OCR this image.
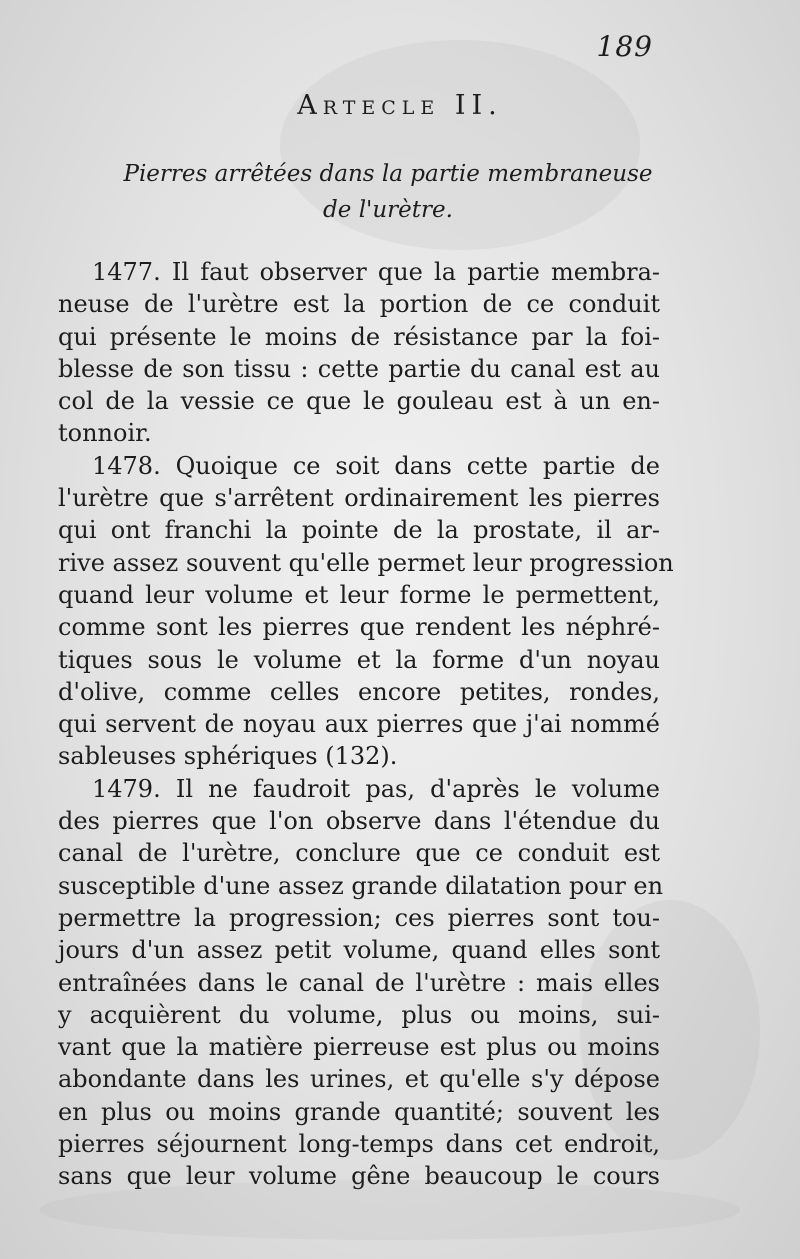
189
Artecle II.
Pierres arrêtées dans la partie membraneuse
de l'urètre.

1477. Il faut observer que la partie membra-
neuse de l'urètre est la portion de ce conduit
qui présente le moins de résistance par la foi-
blesse de son tissu : cette partie du canal est au
col de la vessie ce que le gouleau est à un en-
tonnoir.

1478. Quoique ce soit dans cette partie de
l'urètre que s'arrêtent ordinairement les pierres
qui ont franchi la pointe de la prostate, il ar-
rive assez souvent qu'elle permet leur progression
quand leur volume et leur forme le permettent,
comme sont les pierres que rendent les néphré-
tiques sous le volume et la forme d'un noyau
d'olive, comme celles encore petites, rondes,
qui servent de noyau aux pierres que j'ai nommé
sableuses sphériques (132).

1479. Il ne faudroit pas, d'après le volume
des pierres que l'on observe dans l'étendue du
canal de l'urètre, conclure que ce conduit est
susceptible d'une assez grande dilatation pour en
permettre la progression; ces pierres sont tou-
jours d'un assez petit volume, quand elles sont
entraînées dans le canal de l'urètre : mais elles
y acquièrent du volume, plus ou moins, sui-
vant que la matière pierreuse est plus ou moins
abondante dans les urines, et qu'elle s'y dépose
en plus ou moins grande quantité; souvent les
pierres séjournent long-temps dans cet endroit,
sans que leur volume gêne beaucoup le cours
